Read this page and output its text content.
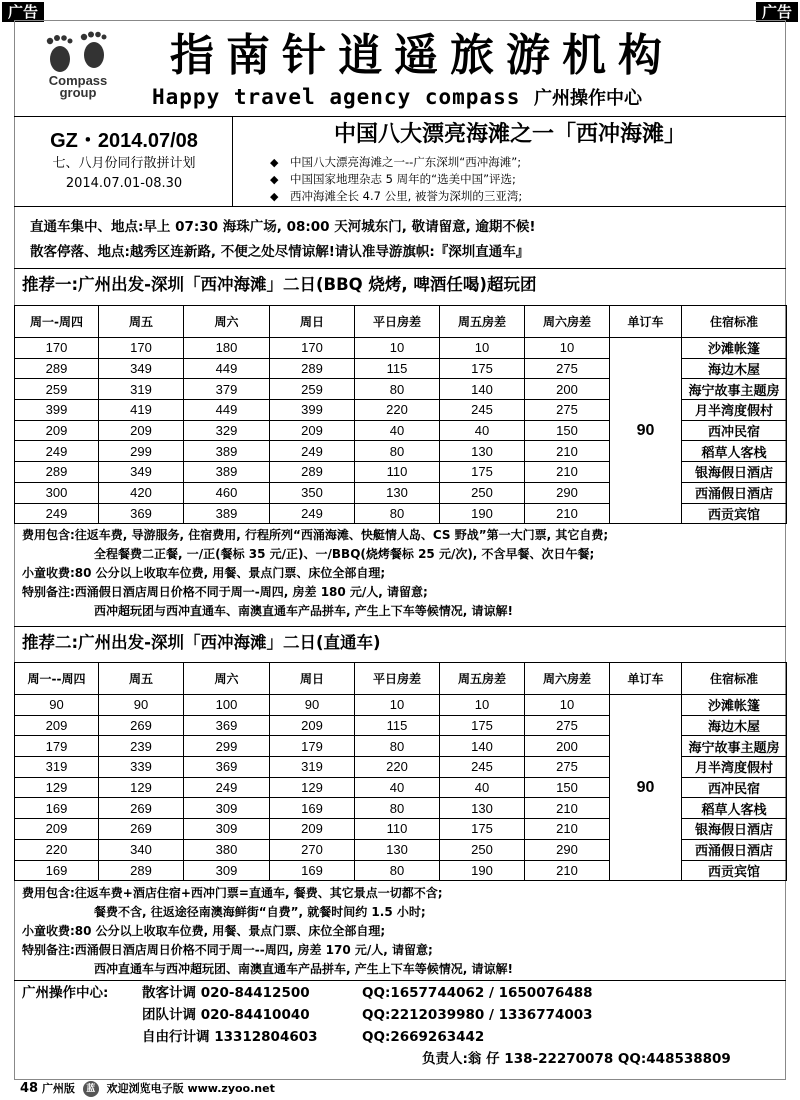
广告	广告
Compass group
指南针逍遥旅游机构
Happy travel agency compass 广州操作中心
GZ・2014.07/08
七、八月份同行散拼计划
2014.07.01-08.30
中国八大漂亮海滩之一「西冲海滩」
◆ 中国八大漂亮海滩之一--广东深圳“西冲海滩”;
◆ 中国国家地理杂志 5 周年的“选美中国”评选;
◆ 西冲海滩全长 4.7 公里, 被誉为深圳的三亚湾;
直通车集中、地点:早上 07:30 海珠广场, 08:00 天河城东门, 敬请留意, 逾期不候!
散客停落、地点:越秀区连新路, 不便之处尽情谅解!请认准导游旗帜:『深圳直通车』
推荐一:广州出发-深圳「西冲海滩」二日(BBQ 烧烤, 啤酒任喝)超玩团
周一-周四	周五	周六	周日	平日房差	周五房差	周六房差	单订车	住宿标准
170	170	180	170	10	10	10	90	沙滩帐篷
289	349	449	289	115	175	275		海边木屋
259	319	379	259	80	140	200		海宁故事主题房
399	419	449	399	220	245	275		月半湾度假村
209	209	329	209	40	40	150		西冲民宿
249	299	389	249	80	130	210		稻草人客栈
289	349	389	289	110	175	210		银海假日酒店
300	420	460	350	130	250	290		西涌假日酒店
249	369	389	249	80	190	210		西贡宾馆
费用包含:往返车费, 导游服务, 住宿费用, 行程所列“西涌海滩、快艇情人岛、CS 野战”第一大门票, 其它自费;
全程餐费二正餐, 一/正(餐标 35 元/正)、一/BBQ(烧烤餐标 25 元/次), 不含早餐、次日午餐;
小童收费:80 公分以上收取车位费, 用餐、景点门票、床位全部自理;
特别备注:西涌假日酒店周日价格不同于周一-周四, 房差 180 元/人, 请留意;
西冲超玩团与西冲直通车、南澳直通车产品拼车, 产生上下车等候情况, 请谅解!
推荐二:广州出发-深圳「西冲海滩」二日(直通车)
周一--周四	周五	周六	周日	平日房差	周五房差	周六房差	单订车	住宿标准
90	90	100	90	10	10	10	90	沙滩帐篷
209	269	369	209	115	175	275		海边木屋
179	239	299	179	80	140	200		海宁故事主题房
319	339	369	319	220	245	275		月半湾度假村
129	129	249	129	40	40	150		西冲民宿
169	269	309	169	80	130	210		稻草人客栈
209	269	309	209	110	175	210		银海假日酒店
220	340	380	270	130	250	290		西涌假日酒店
169	289	309	169	80	190	210		西贡宾馆
费用包含:往返车费+酒店住宿+西冲门票=直通车, 餐费、其它景点一切都不含;
餐费不含, 往返途径南澳海鲜街“自费”, 就餐时间约 1.5 小时;
小童收费:80 公分以上收取车位费, 用餐、景点门票、床位全部自理;
特别备注:西涌假日酒店周日价格不同于周一--周四, 房差 170 元/人, 请留意;
西冲直通车与西冲超玩团、南澳直通车产品拼车, 产生上下车等候情况, 请谅解!
广州操作中心: 散客计调 020-84412500	QQ:1657744062 / 1650076488
团队计调 020-84410040	QQ:2212039980 / 1336774003
自由行计调 13312804603	QQ:2669263442
负责人:翁 仔 138-22270078 QQ:448538809
48 广州版 蓝 欢迎浏览电子版 www.zyoo.net
